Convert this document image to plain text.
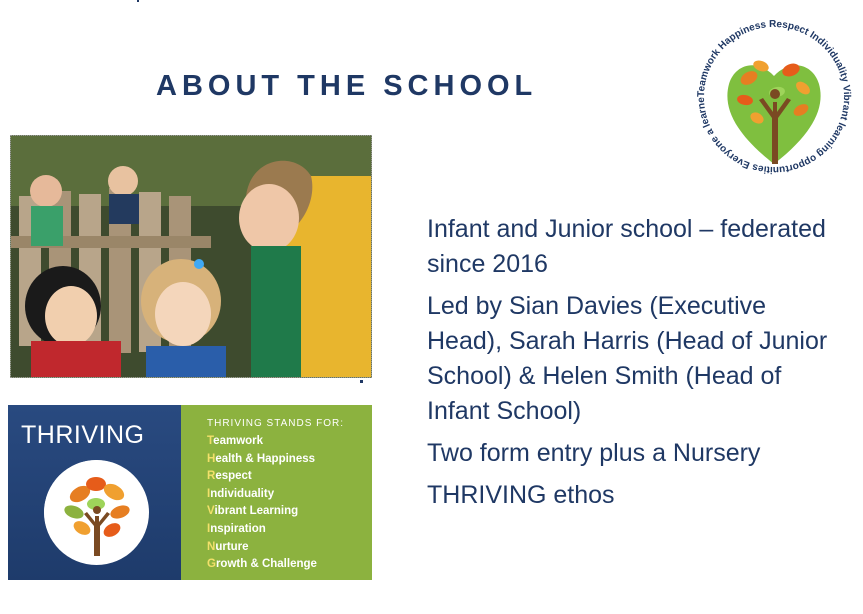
ABOUT THE SCHOOL	Teamwork Happiness Respect Individuality Vibrant learning opportunities Everyone a learne
Infant and Junior school – federated since 2016
Led by Sian Davies (Executive Head), Sarah Harris (Head of Junior School) & Helen Smith (Head of Infant School)
Two form entry plus a Nursery
THRIVING ethos
THRIVING	THRIVING STANDS FOR:
Teamwork
Health & Happiness
Respect
Individuality
Vibrant Learning
Inspiration
Nurture
Growth & Challenge
